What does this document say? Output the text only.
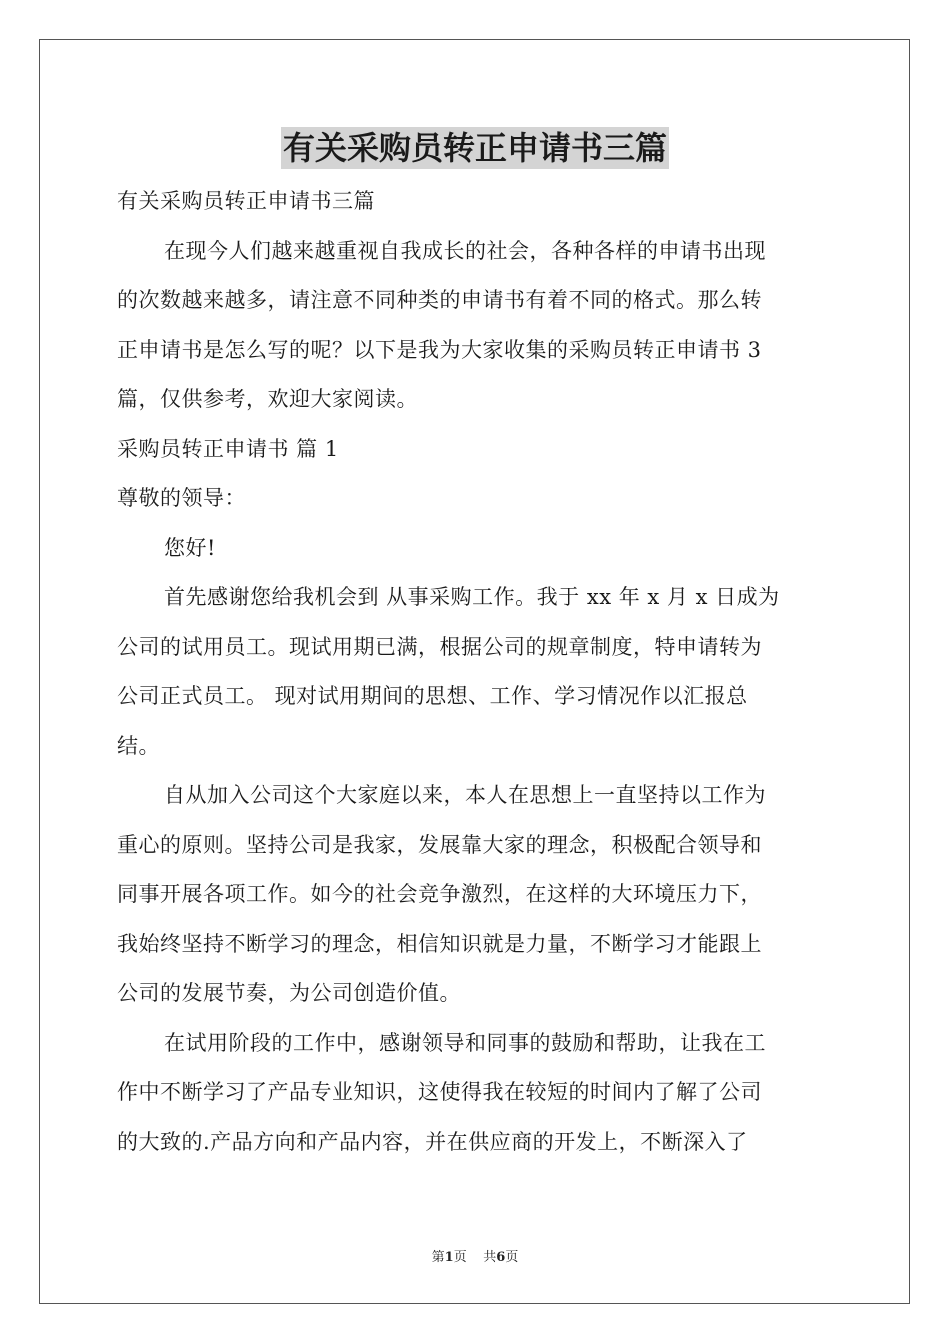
有关采购员转正申请书三篇
有关采购员转正申请书三篇
在现今人们越来越重视自我成长的社会，各种各样的申请书出现
的次数越来越多，请注意不同种类的申请书有着不同的格式。那么转
正申请书是怎么写的呢？以下是我为大家收集的采购员转正申请书 3
篇，仅供参考，欢迎大家阅读。
采购员转正申请书 篇 1
尊敬的领导：
您好!
首先感谢您给我机会到 从事采购工作。我于 xx 年 x 月 x 日成为
公司的试用员工。现试用期已满，根据公司的规章制度，特申请转为
公司正式员工。 现对试用期间的思想、工作、学习情况作以汇报总
结。
自从加入公司这个大家庭以来，本人在思想上一直坚持以工作为
重心的原则。坚持公司是我家，发展靠大家的理念，积极配合领导和
同事开展各项工作。如今的社会竞争激烈，在这样的大环境压力下，
我始终坚持不断学习的理念，相信知识就是力量，不断学习才能跟上
公司的发展节奏，为公司创造价值。
在试用阶段的工作中，感谢领导和同事的鼓励和帮助，让我在工
作中不断学习了产品专业知识，这使得我在较短的时间内了解了公司
的大致的.产品方向和产品内容，并在供应商的开发上，不断深入了
第1页 共6页
